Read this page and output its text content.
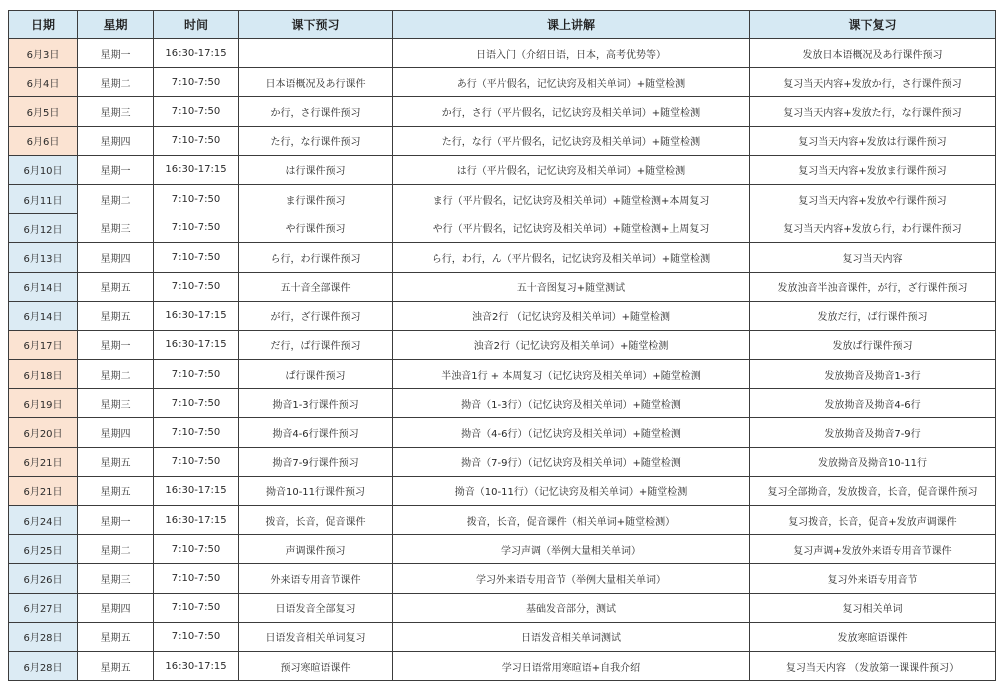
日期	星期	时间	课下预习	课上讲解	课下复习
6月3日	星期一	16:30-17:15		日语入门（介绍日语，日本，高考优势等）	发放日本语概况及あ行课件预习
6月4日	星期二	7:10-7:50	日本语概况及あ行课件	あ行（平片假名，记忆诀窍及相关单词）+随堂检测	复习当天内容+发放か行，さ行课件预习
6月5日	星期三	7:10-7:50	か行，さ行课件预习	か行，さ行（平片假名，记忆诀窍及相关单词）+随堂检测	复习当天内容+发放た行，な行课件预习
6月6日	星期四	7:10-7:50	た行，な行课件预习	た行，な行（平片假名，记忆诀窍及相关单词）+随堂检测	复习当天内容+发放は行课件预习
6月10日	星期一	16:30-17:15	は行课件预习	は行（平片假名，记忆诀窍及相关单词）+随堂检测	复习当天内容+发放ま行课件预习
6月11日	星期二	7:10-7:50	ま行课件预习	ま行（平片假名，记忆诀窍及相关单词）+随堂检测+本周复习	复习当天内容+发放や行课件预习
6月12日	星期三	7:10-7:50	や行课件预习	や行（平片假名，记忆诀窍及相关单词）+随堂检测+上周复习	复习当天内容+发放ら行，わ行课件预习
6月13日	星期四	7:10-7:50	ら行，わ行课件预习	ら行，わ行，ん（平片假名，记忆诀窍及相关单词）+随堂检测	复习当天内容
6月14日	星期五	7:10-7:50	五十音全部课件	五十音图复习+随堂测试	发放浊音半浊音课件，が行，ざ行课件预习
6月14日	星期五	16:30-17:15	が行，ざ行课件预习	浊音2行 （记忆诀窍及相关单词）+随堂检测	发放だ行，ば行课件预习
6月17日	星期一	16:30-17:15	だ行，ば行课件预习	浊音2行（记忆诀窍及相关单词）+随堂检测	发放ぱ行课件预习
6月18日	星期二	7:10-7:50	ぱ行课件预习	半浊音1行 + 本周复习（记忆诀窍及相关单词）+随堂检测	发放拗音及拗音1-3行
6月19日	星期三	7:10-7:50	拗音1-3行课件预习	拗音（1-3行）（记忆诀窍及相关单词）+随堂检测	发放拗音及拗音4-6行
6月20日	星期四	7:10-7:50	拗音4-6行课件预习	拗音（4-6行）（记忆诀窍及相关单词）+随堂检测	发放拗音及拗音7-9行
6月21日	星期五	7:10-7:50	拗音7-9行课件预习	拗音（7-9行）（记忆诀窍及相关单词）+随堂检测	发放拗音及拗音10-11行
6月21日	星期五	16:30-17:15	拗音10-11行课件预习	拗音（10-11行）（记忆诀窍及相关单词）+随堂检测	复习全部拗音，发放拨音，长音，促音课件预习
6月24日	星期一	16:30-17:15	拨音，长音，促音课件	拨音，长音，促音课件（相关单词+随堂检测）	复习拨音，长音，促音+发放声调课件
6月25日	星期二	7:10-7:50	声调课件预习	学习声调（举例大量相关单词）	复习声调+发放外来语专用音节课件
6月26日	星期三	7:10-7:50	外来语专用音节课件	学习外来语专用音节（举例大量相关单词）	复习外来语专用音节
6月27日	星期四	7:10-7:50	日语发音全部复习	基础发音部分，测试	复习相关单词
6月28日	星期五	7:10-7:50	日语发音相关单词复习	日语发音相关单词测试	发放寒暄语课件
6月28日	星期五	16:30-17:15	预习寒暄语课件	学习日语常用寒暄语+自我介绍	复习当天内容 （发放第一课课件预习）
